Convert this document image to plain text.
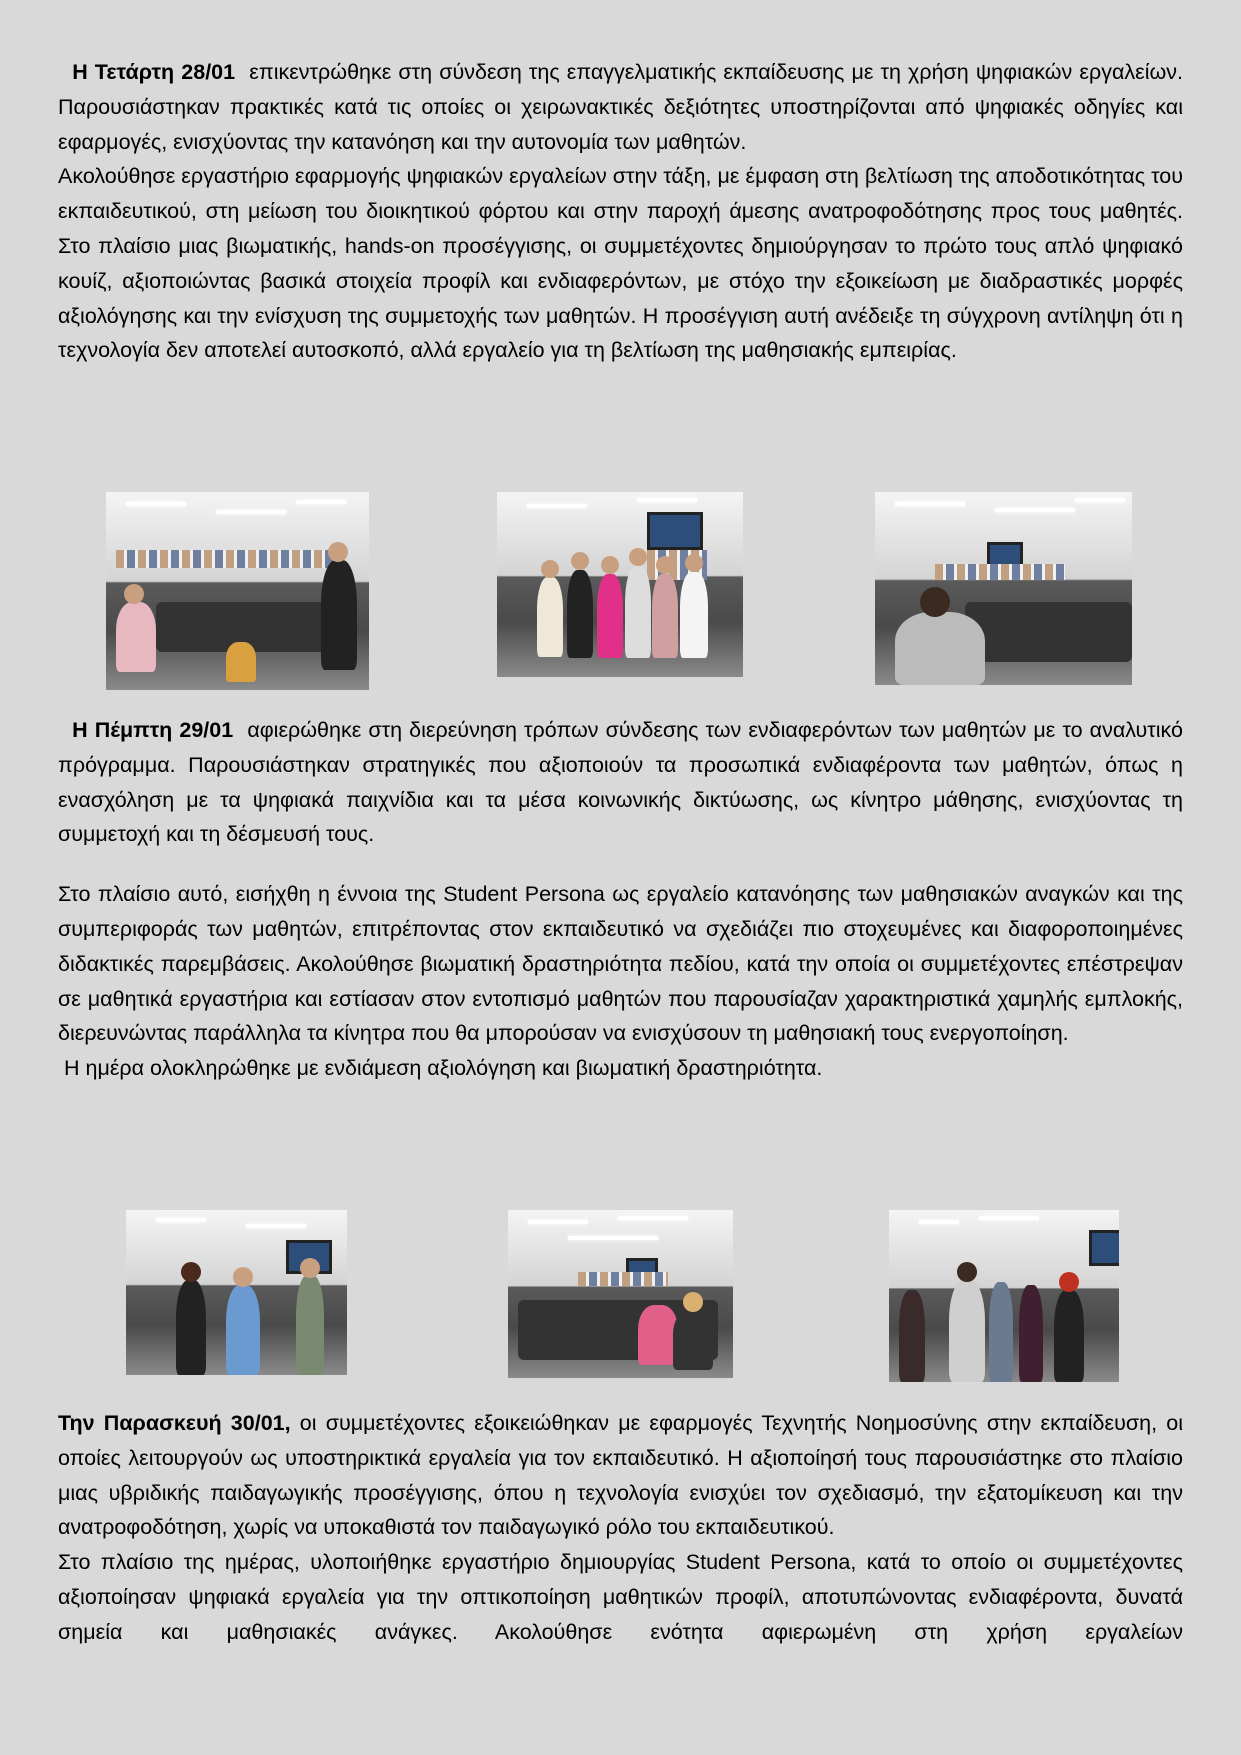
Η Τετάρτη 28/01 επικεντρώθηκε στη σύνδεση της επαγγελματικής εκπαίδευσης με τη χρήση ψηφιακών εργαλείων. Παρουσιάστηκαν πρακτικές κατά τις οποίες οι χειρωνακτικές δεξιότητες υποστηρίζονται από ψηφιακές οδηγίες και εφαρμογές, ενισχύοντας την κατανόηση και την αυτονομία των μαθητών.

Ακολούθησε εργαστήριο εφαρμογής ψηφιακών εργαλείων στην τάξη, με έμφαση στη βελτίωση της αποδοτικότητας του εκπαιδευτικού, στη μείωση του διοικητικού φόρτου και στην παροχή άμεσης ανατροφοδότησης προς τους μαθητές. Στο πλαίσιο μιας βιωματικής, hands-on προσέγγισης, οι συμμετέχοντες δημιούργησαν το πρώτο τους απλό ψηφιακό κουίζ, αξιοποιώντας βασικά στοιχεία προφίλ και ενδιαφερόντων, με στόχο την εξοικείωση με διαδραστικές μορφές αξιολόγησης και την ενίσχυση της συμμετοχής των μαθητών. Η προσέγγιση αυτή ανέδειξε τη σύγχρονη αντίληψη ότι η τεχνολογία δεν αποτελεί αυτοσκοπό, αλλά εργαλείο για τη βελτίωση της μαθησιακής εμπειρίας.

Η Πέμπτη 29/01 αφιερώθηκε στη διερεύνηση τρόπων σύνδεσης των ενδιαφερόντων των μαθητών με το αναλυτικό πρόγραμμα. Παρουσιάστηκαν στρατηγικές που αξιοποιούν τα προσωπικά ενδιαφέροντα των μαθητών, όπως η ενασχόληση με τα ψηφιακά παιχνίδια και τα μέσα κοινωνικής δικτύωσης, ως κίνητρο μάθησης, ενισχύοντας τη συμμετοχή και τη δέσμευσή τους.

Στο πλαίσιο αυτό, εισήχθη η έννοια της Student Persona ως εργαλείο κατανόησης των μαθησιακών αναγκών και της συμπεριφοράς των μαθητών, επιτρέποντας στον εκπαιδευτικό να σχεδιάζει πιο στοχευμένες και διαφοροποιημένες διδακτικές παρεμβάσεις. Ακολούθησε βιωματική δραστηριότητα πεδίου, κατά την οποία οι συμμετέχοντες επέστρεψαν σε μαθητικά εργαστήρια και εστίασαν στον εντοπισμό μαθητών που παρουσίαζαν χαρακτηριστικά χαμηλής εμπλοκής, διερευνώντας παράλληλα τα κίνητρα που θα μπορούσαν να ενισχύσουν τη μαθησιακή τους ενεργοποίηση.

Η ημέρα ολοκληρώθηκε με ενδιάμεση αξιολόγηση και βιωματική δραστηριότητα.

Την Παρασκευή 30/01, οι συμμετέχοντες εξοικειώθηκαν με εφαρμογές Τεχνητής Νοημοσύνης στην εκπαίδευση, οι οποίες λειτουργούν ως υποστηρικτικά εργαλεία για τον εκπαιδευτικό. Η αξιοποίησή τους παρουσιάστηκε στο πλαίσιο μιας υβριδικής παιδαγωγικής προσέγγισης, όπου η τεχνολογία ενισχύει τον σχεδιασμό, την εξατομίκευση και την ανατροφοδότηση, χωρίς να υποκαθιστά τον παιδαγωγικό ρόλο του εκπαιδευτικού.

Στο πλαίσιο της ημέρας, υλοποιήθηκε εργαστήριο δημιουργίας Student Persona, κατά το οποίο οι συμμετέχοντες αξιοποίησαν ψηφιακά εργαλεία για την οπτικοποίηση μαθητικών προφίλ, αποτυπώνοντας ενδιαφέροντα, δυνατά σημεία και μαθησιακές ανάγκες. Ακολούθησε ενότητα αφιερωμένη στη χρήση εργαλείων
